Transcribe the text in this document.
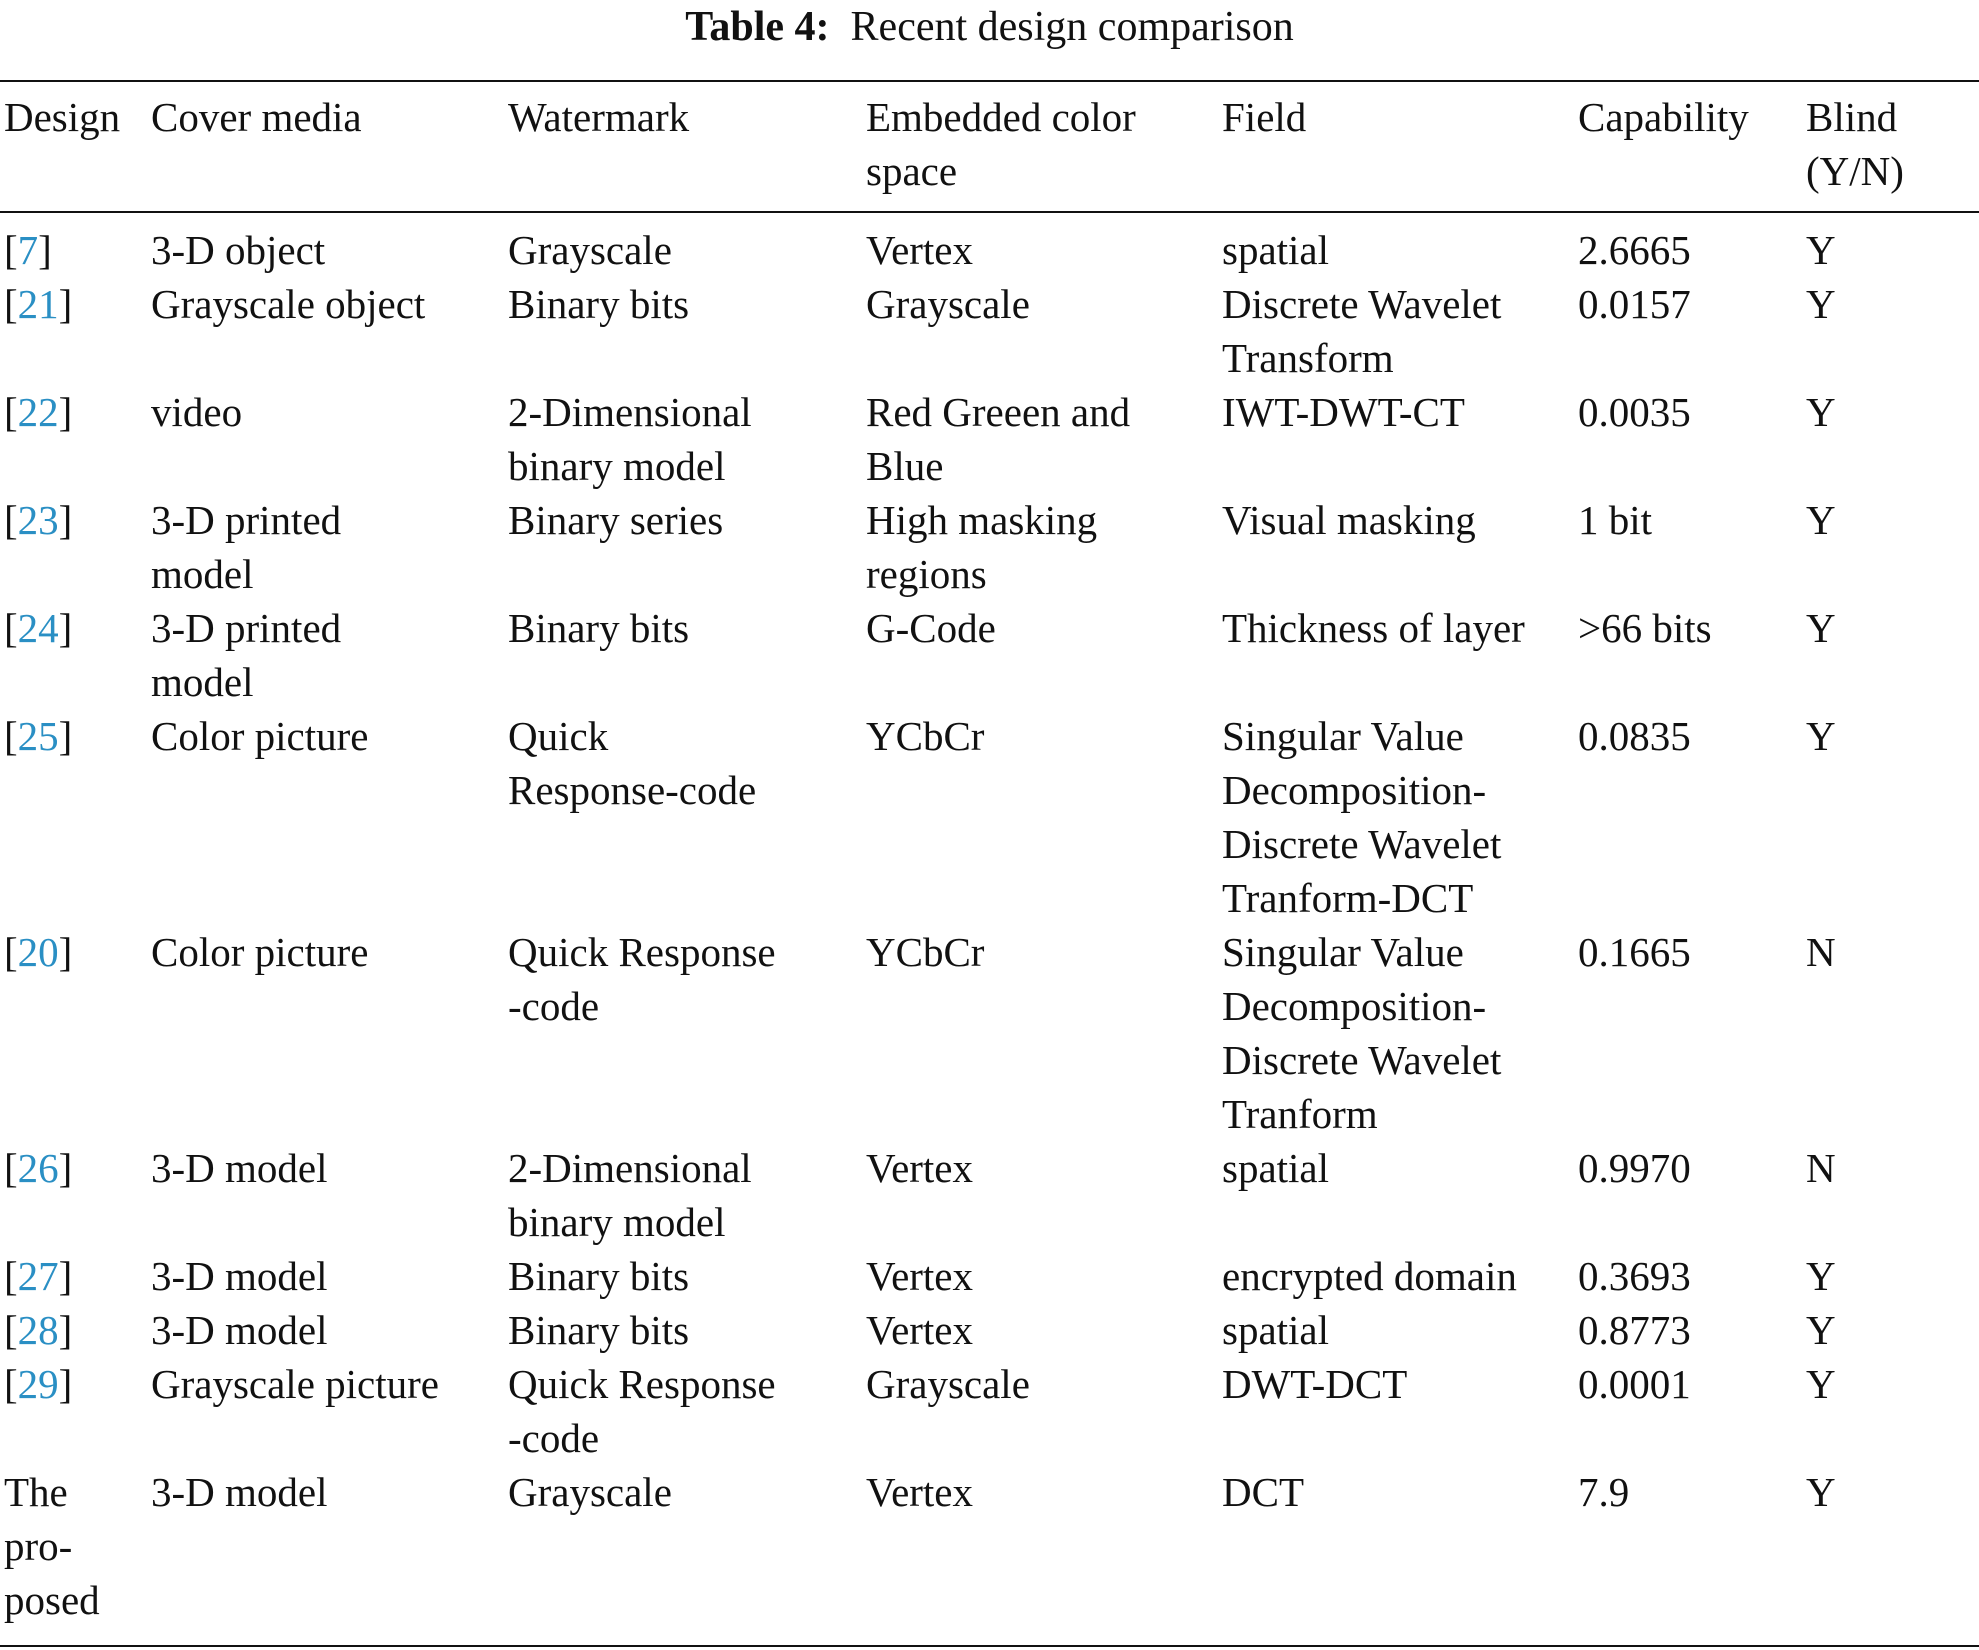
Table 4: Recent design comparison
Design	Cover media	Watermark	Embedded color
space	Field	Capability	Blind
(Y/N)
[7]	3-D object	Grayscale	Vertex	spatial	2.6665	Y
[21]	Grayscale object	Binary bits	Grayscale	Discrete Wavelet
Transform	0.0157	Y
[22]	video	2-Dimensional
binary model	Red Greeen and
Blue	IWT-DWT-CT	0.0035	Y
[23]	3-D printed
model	Binary series	High masking
regions	Visual masking	1 bit	Y
[24]	3-D printed
model	Binary bits	G-Code	Thickness of layer	>66 bits	Y
[25]	Color picture	Quick
Response-code	YCbCr	Singular Value
Decomposition-
Discrete Wavelet
Tranform-DCT	0.0835	Y
[20]	Color picture	Quick Response
-code	YCbCr	Singular Value
Decomposition-
Discrete Wavelet
Tranform	0.1665	N
[26]	3-D model	2-Dimensional
binary model	Vertex	spatial	0.9970	N
[27]	3-D model	Binary bits	Vertex	encrypted domain	0.3693	Y
[28]	3-D model	Binary bits	Vertex	spatial	0.8773	Y
[29]	Grayscale picture	Quick Response
-code	Grayscale	DWT-DCT	0.0001	Y
The
pro-
posed	3-D model	Grayscale	Vertex	DCT	7.9	Y
